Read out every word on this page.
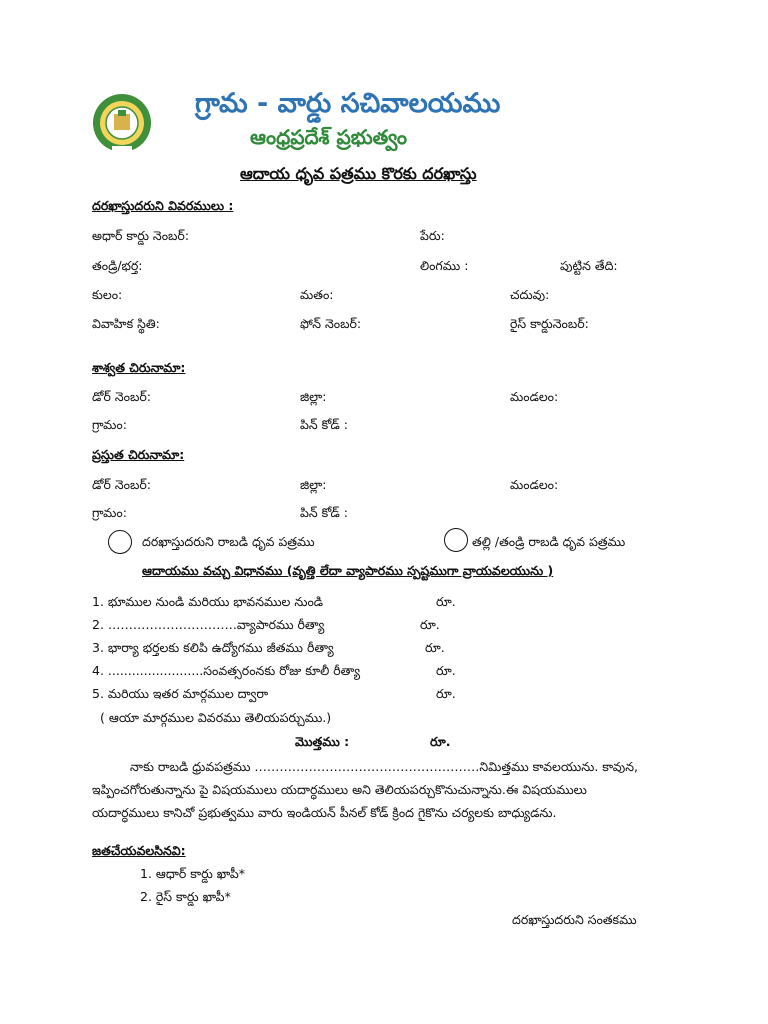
గ్రామ - వార్డు సచివాలయము
ఆంధ్రప్రదేశ్ ప్రభుత్వం
ఆదాయ ధృవ పత్రము కొరకు దరఖాస్తు
దరఖాస్తుదరుని వివరములు :
అధార్ కార్డు నెంబర్:	పేరు:
తండ్రి/భర్త:	లింగము :	పుట్టిన తేది:
కులం:	మతం:	చదువు:
వివాహిక స్థితి:	ఫోన్ నెంబర్:	రైస్ కార్డునెంబర్:
శాశ్వత చిరునామా:
డోర్ నెంబర్:	జిల్లా:	మండలం:
గ్రామం:	పిన్ కోడ్ :
ప్రస్తుత చిరునామా:
డోర్ నెంబర్:	జిల్లా:	మండలం:
గ్రామం:	పిన్ కోడ్ :
దరఖాస్తుదరుని రాబడి ధృవ పత్రము	తల్లి /తండ్రి రాబడి ధృవ పత్రము
ఆదాయము వచ్చు విధానము (వృత్తి లేదా వ్యాపారము స్పష్టముగా వ్రాయవలయును )
1. భూముల నుండి మరియు భావనముల నుండి	రూ.
2. ………………………….వ్యాపారము రీత్యా	రూ.
3. భార్యా భర్తలకు కలిపి ఉద్యోగము జీతము రీత్యా	రూ.
4. ........................సంవత్సరంనకు రోజు కూలీ రీత్యా	రూ.
5. మరియు ఇతర మార్గముల ద్వారా	రూ.
( ఆయా మార్గముల వివరము తెలియపర్చుము.)
మొత్తము :	రూ.
నాకు రాబడి ధ్రువపత్రము ………………………………………………నిమిత్తము కావలయును. కావున,
ఇప్పించగోరుతున్నాను పై విషయములు యదార్ధములు అని తెలియపర్చుకొనుచున్నాను.ఈ విషయములు
యదార్ధములు కానిచో ప్రభుత్వము వారు ఇండియన్ పీనల్ కోడ్ క్రింద గైకొను చర్యలకు బాధ్యుడను.
జతచేయవలసినవి:
1. ఆధార్ కార్డు ఖాపీ*
2. రైస్ కార్డు ఖాపీ*
దరఖాస్తుదరుని సంతకము
